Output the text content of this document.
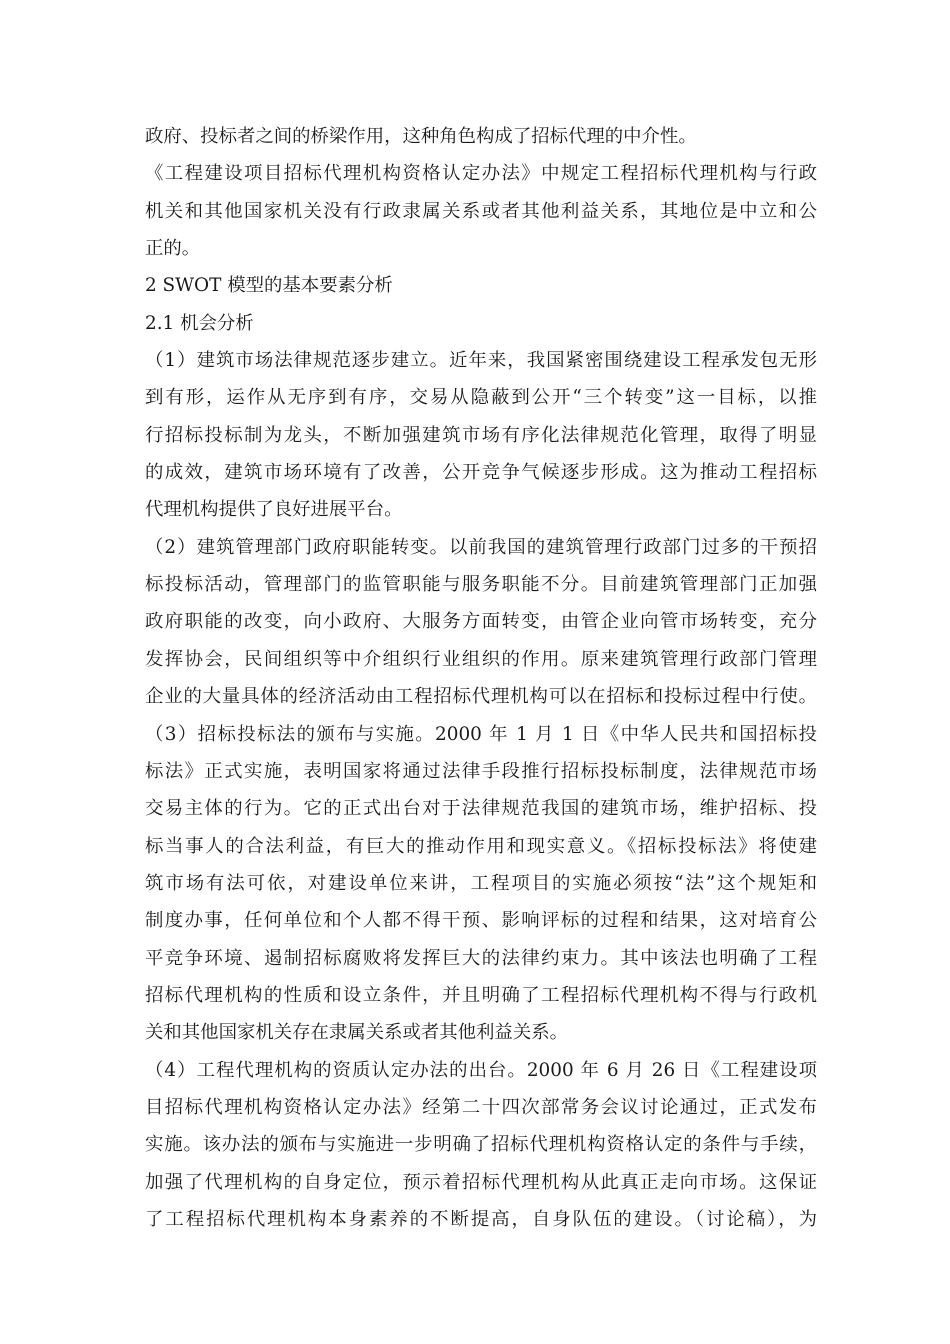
政府、投标者之间的桥梁作用，这种角色构成了招标代理的中介性。
《工程建设项目招标代理机构资格认定办法》中规定工程招标代理机构与行政
机关和其他国家机关没有行政隶属关系或者其他利益关系，其地位是中立和公
正的。
2 SWOT 模型的基本要素分析
2.1 机会分析
（1）建筑市场法律规范逐步建立。近年来，我国紧密围绕建设工程承发包无形
到有形，运作从无序到有序，交易从隐蔽到公开“三个转变”这一目标，以推
行招标投标制为龙头，不断加强建筑市场有序化法律规范化管理，取得了明显
的成效，建筑市场环境有了改善，公开竞争气候逐步形成。这为推动工程招标
代理机构提供了良好进展平台。
（2）建筑管理部门政府职能转变。以前我国的建筑管理行政部门过多的干预招
标投标活动，管理部门的监管职能与服务职能不分。目前建筑管理部门正加强
政府职能的改变，向小政府、大服务方面转变，由管企业向管市场转变，充分
发挥协会，民间组织等中介组织行业组织的作用。原来建筑管理行政部门管理
企业的大量具体的经济活动由工程招标代理机构可以在招标和投标过程中行使。
（3）招标投标法的颁布与实施。2000 年 1 月 1 日《中华人民共和国招标投
标法》正式实施，表明国家将通过法律手段推行招标投标制度，法律规范市场
交易主体的行为。它的正式出台对于法律规范我国的建筑市场，维护招标、投
标当事人的合法利益，有巨大的推动作用和现实意义。《招标投标法》将使建
筑市场有法可依，对建设单位来讲，工程项目的实施必须按“法”这个规矩和
制度办事，任何单位和个人都不得干预、影响评标的过程和结果，这对培育公
平竞争环境、遏制招标腐败将发挥巨大的法律约束力。其中该法也明确了工程
招标代理机构的性质和设立条件，并且明确了工程招标代理机构不得与行政机
关和其他国家机关存在隶属关系或者其他利益关系。
（4）工程代理机构的资质认定办法的出台。2000 年 6 月 26 日《工程建设项
目招标代理机构资格认定办法》经第二十四次部常务会议讨论通过，正式发布
实施。该办法的颁布与实施进一步明确了招标代理机构资格认定的条件与手续，
加强了代理机构的自身定位，预示着招标代理机构从此真正走向市场。这保证
了工程招标代理机构本身素养的不断提高，自身队伍的建设。（讨论稿），为
